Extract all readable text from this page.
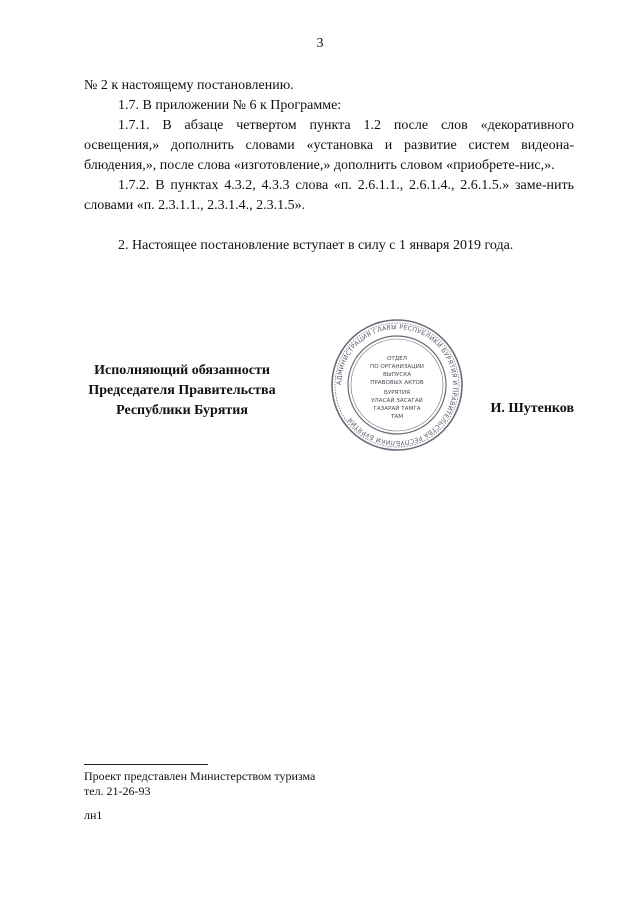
3

№ 2 к настоящему постановлению.

1.7. В приложении № 6 к Программе:

1.7.1. В абзаце четвертом пункта 1.2 после слов «декоративного освещения,» дополнить словами «установка и развитие систем видеона-блюдения,», после слова «изготовление,» дополнить словом «приобрете-нис,».

1.7.2. В пунктах 4.3.2, 4.3.3 слова «п. 2.6.1.1., 2.6.1.4., 2.6.1.5.» заме-нить словами «п. 2.3.1.1., 2.3.1.4., 2.3.1.5».

2. Настоящее постановление вступает в силу с 1 января 2019 года.

Исполняющий обязанности
Председателя Правительства
Республики Бурятия
АДМИНИСТРАЦИЯ ГЛАВЫ РЕСПУБЛИКИ БУРЯТИЯ И ПРАВИТЕЛЬСТВА РЕСПУБЛИКИ БУРЯТИЯ
ОТДЕЛ
ПО ОРГАНИЗАЦИИ
ВЫПУСКА
ПРАВОВЫХ АКТОВ
БУРЯТИЯ
УЛАСАЙ ЗАСАГАЙ
ГАЗАРАЙ ТАМГА
ТАМ
И. Шутенков
Проект представлен Министерством туризма
тел. 21-26-93
лн1
